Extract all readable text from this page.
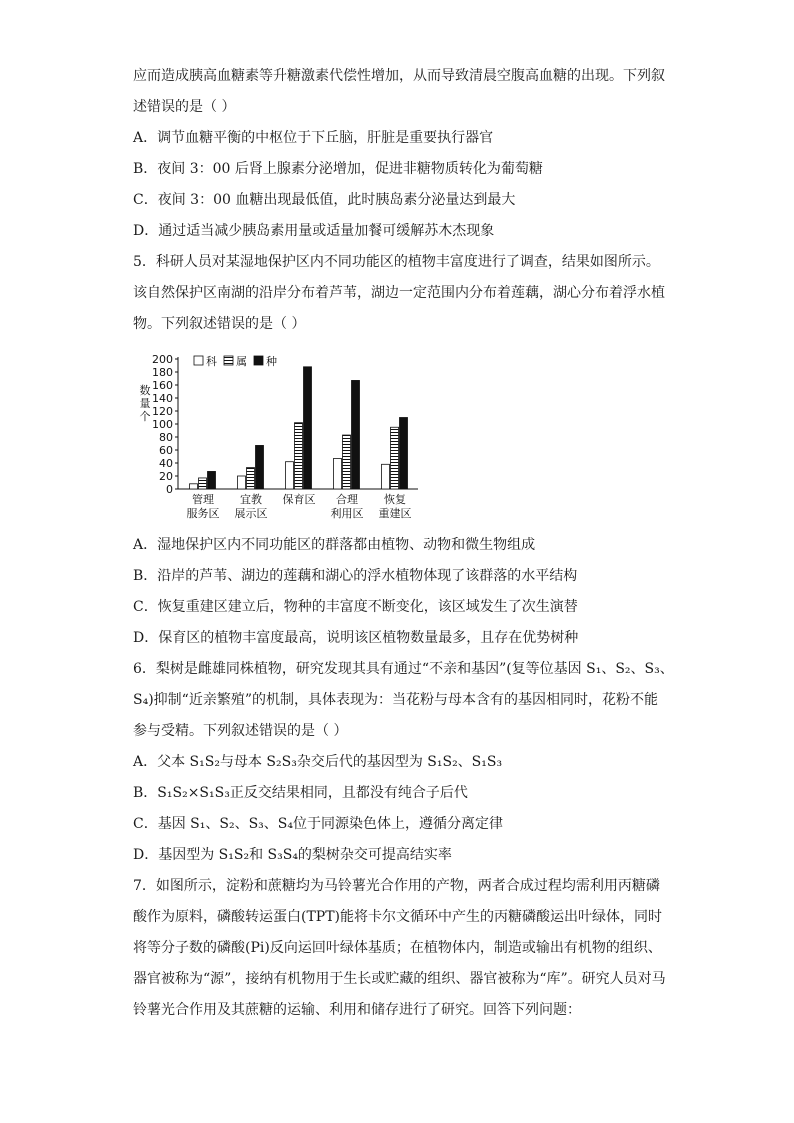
应而造成胰高血糖素等升糖激素代偿性增加，从而导致清晨空腹高血糖的出现。下列叙
述错误的是（ ）
A．调节血糖平衡的中枢位于下丘脑，肝脏是重要执行器官
B．夜间 3：00 后肾上腺素分泌增加，促进非糖物质转化为葡萄糖
C．夜间 3：00 血糖出现最低值，此时胰岛素分泌量达到最大
D．通过适当减少胰岛素用量或适量加餐可缓解苏木杰现象
5．科研人员对某湿地保护区内不同功能区的植物丰富度进行了调查，结果如图所示。
该自然保护区南湖的沿岸分布着芦苇，湖边一定范围内分布着莲藕，湖心分布着浮水植
物。下列叙述错误的是（ ）
0
20
40
60
80
100
120
140
160
180
200
数
量
个
管理
服务区
宜教
展示区
保育区 合理
利用区
恢复
重建区
科 属 种
A．湿地保护区内不同功能区的群落都由植物、动物和微生物组成
B．沿岸的芦苇、湖边的莲藕和湖心的浮水植物体现了该群落的水平结构
C．恢复重建区建立后，物种的丰富度不断变化，该区域发生了次生演替
D．保育区的植物丰富度最高，说明该区植物数量最多，且存在优势树种
6．梨树是雌雄同株植物，研究发现其具有通过“不亲和基因”(复等位基因 S₁、S₂、S₃、
S₄)抑制“近亲繁殖”的机制，具体表现为：当花粉与母本含有的基因相同时，花粉不能
参与受精。下列叙述错误的是（ ）
A．父本 S₁S₂与母本 S₂S₃杂交后代的基因型为 S₁S₂、S₁S₃
B．S₁S₂×S₁S₃正反交结果相同，且都没有纯合子后代
C．基因 S₁、S₂、S₃、S₄位于同源染色体上，遵循分离定律
D．基因型为 S₁S₂和 S₃S₄的梨树杂交可提高结实率
7．如图所示，淀粉和蔗糖均为马铃薯光合作用的产物，两者合成过程均需利用丙糖磷
酸作为原料，磷酸转运蛋白(TPT)能将卡尔文循环中产生的丙糖磷酸运出叶绿体，同时
将等分子数的磷酸(Pi)反向运回叶绿体基质；在植物体内，制造或输出有机物的组织、
器官被称为“源”，接纳有机物用于生长或贮藏的组织、器官被称为“库”。研究人员对马
铃薯光合作用及其蔗糖的运输、利用和储存进行了研究。回答下列问题：
